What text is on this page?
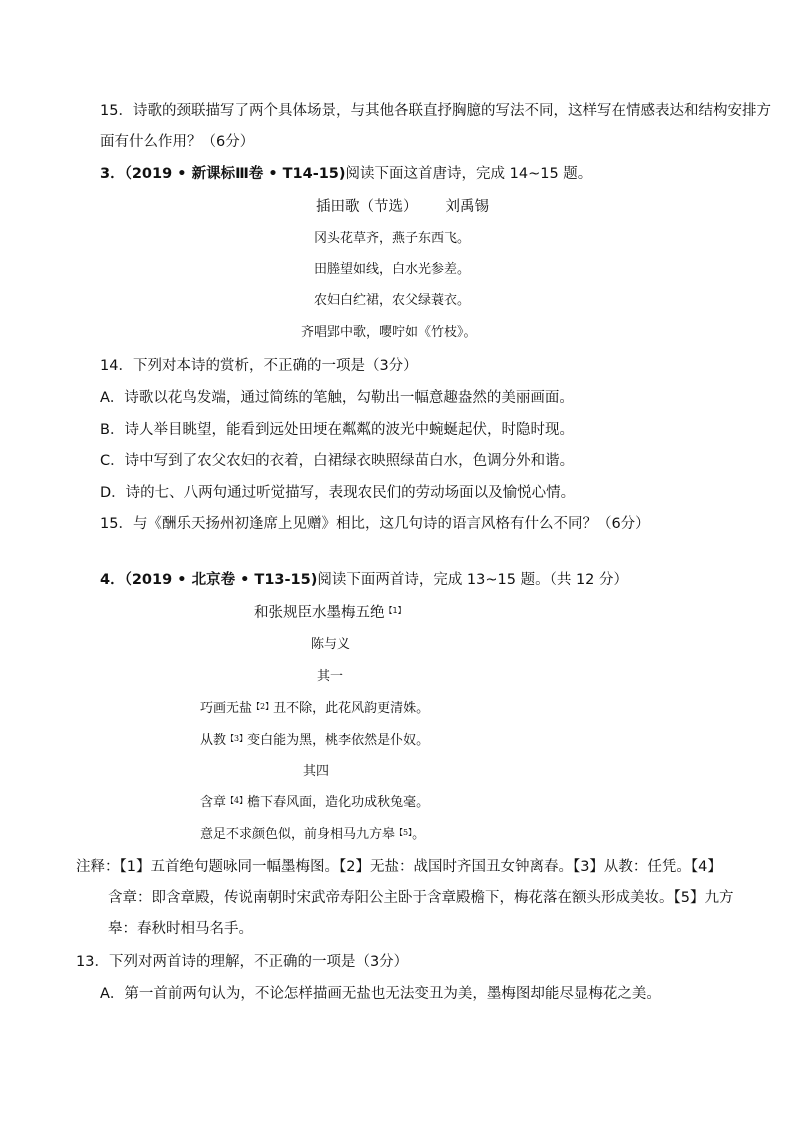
15．诗歌的颈联描写了两个具体场景，与其他各联直抒胸臆的写法不同，这样写在情感表达和结构安排方
面有什么作用？（6分）
3．（2019 • 新课标Ⅲ卷 • T14-15)阅读下面这首唐诗，完成 14~15 题。
插田歌（节选） 刘禹锡
冈头花草齐，燕子东西飞。
田塍望如线，白水光参差。
农妇白纻裙，农父绿蓑衣。
齐唱郢中歌，嘤咛如《竹枝》。
14．下列对本诗的赏析，不正确的一项是（3分）
A．诗歌以花鸟发端，通过简练的笔触，勾勒出一幅意趣盎然的美丽画面。
B．诗人举目眺望，能看到远处田埂在粼粼的波光中蜿蜒起伏，时隐时现。
C．诗中写到了农父农妇的衣着，白裙绿衣映照绿苗白水，色调分外和谐。
D．诗的七、八两句通过听觉描写，表现农民们的劳动场面以及愉悦心情。
15．与《酬乐天扬州初逢席上见赠》相比，这几句诗的语言风格有什么不同？（6分）
4．（2019 • 北京卷 • T13-15)阅读下面两首诗，完成 13~15 题。（共 12 分）
和张规臣水墨梅五绝$^{【1】}$
陈与义
其一
巧画无盐$^{【2】}$丑不除，此花风韵更清姝。
从教$^{【3】}$变白能为黑，桃李依然是仆奴。
其四
含章$^{【4】}$檐下春风面，造化功成秋兔毫。
意足不求颜色似，前身相马九方皋$^{【5】}$。
注释：【1】五首绝句题咏同一幅墨梅图。【2】无盐：战国时齐国丑女钟离春。【3】从教：任凭。【4】
含章：即含章殿，传说南朝时宋武帝寿阳公主卧于含章殿檐下，梅花落在额头形成美妆。【5】九方
皋：春秋时相马名手。
13．下列对两首诗的理解，不正确的一项是（3分）
A．第一首前两句认为，不论怎样描画无盐也无法变丑为美，墨梅图却能尽显梅花之美。
